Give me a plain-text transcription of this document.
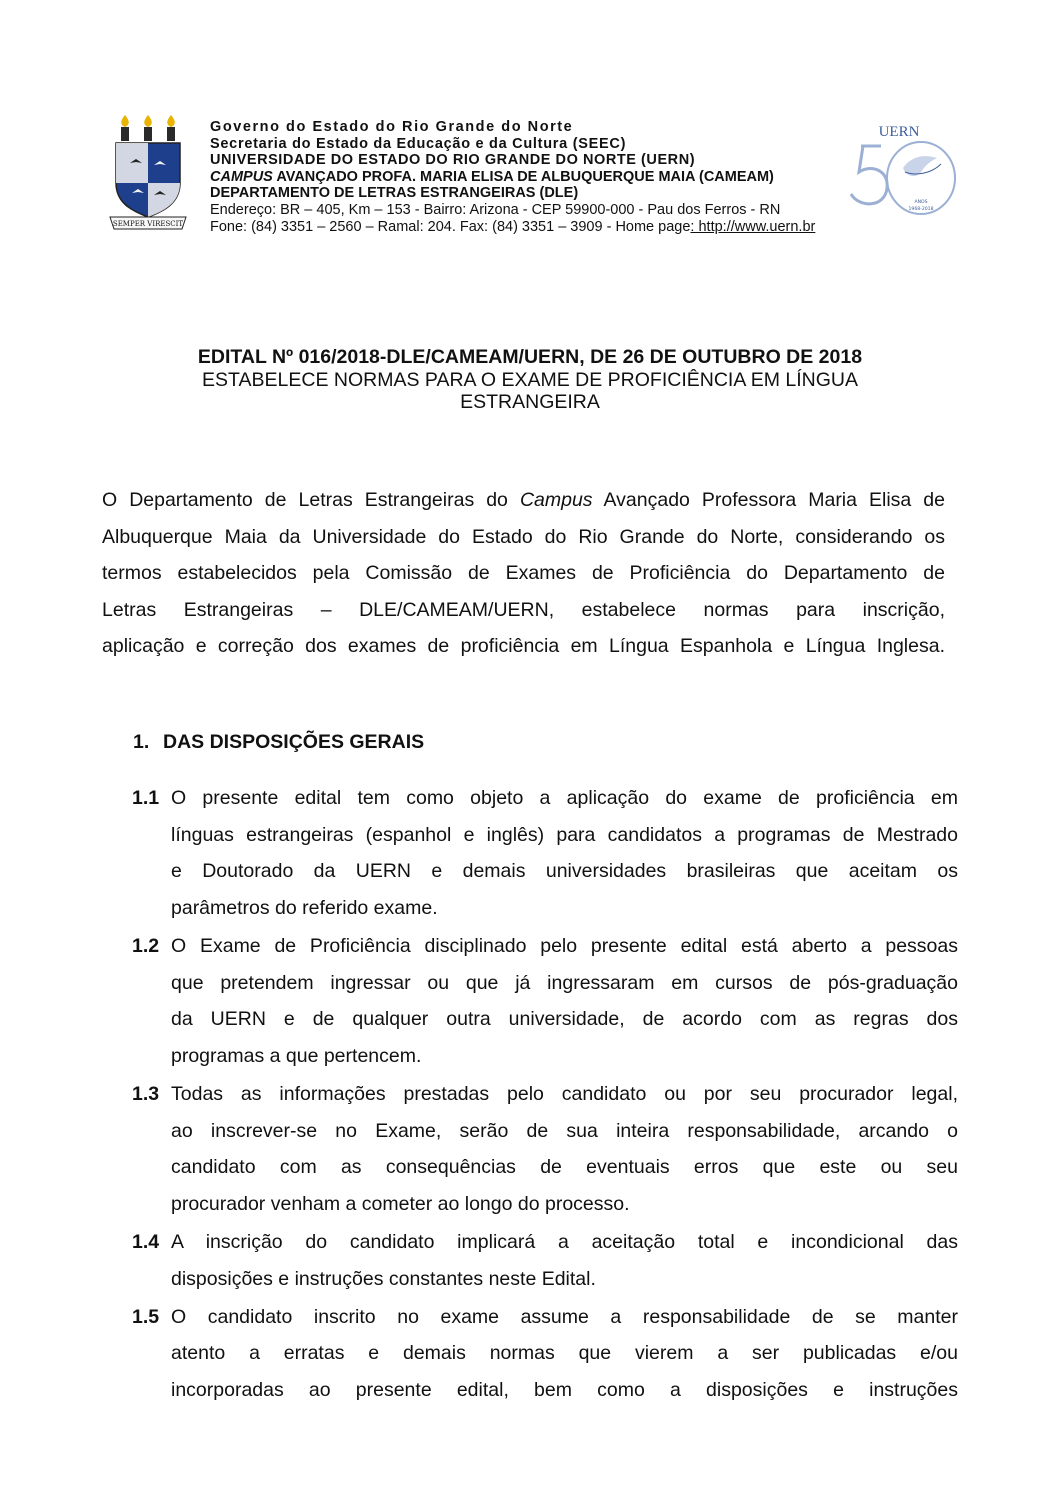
SEMPER VIRESCIT
Governo do Estado do Rio Grande do Norte
Secretaria do Estado da Educação e da Cultura (SEEC)
UNIVERSIDADE DO ESTADO DO RIO GRANDE DO NORTE (UERN)
CAMPUS AVANÇADO PROFA. MARIA ELISA DE ALBUQUERQUE MAIA (CAMEAM)
DEPARTAMENTO DE LETRAS ESTRANGEIRAS (DLE)
Endereço: BR – 405, Km – 153 - Bairro: Arizona - CEP 59900-000 - Pau dos Ferros - RN
Fone: (84) 3351 – 2560 – Ramal: 204. Fax: (84) 3351 – 3909 - Home page: http://www.uern.br
UERN
ANOS
1968-2018
EDITAL Nº 016/2018-DLE/CAMEAM/UERN, DE 26 DE OUTUBRO DE 2018
ESTABELECE NORMAS PARA O EXAME DE PROFICIÊNCIA EM LÍNGUA
ESTRANGEIRA
O Departamento de Letras Estrangeiras do Campus Avançado Professora Maria Elisa de
Albuquerque Maia da Universidade do Estado do Rio Grande do Norte, considerando os
termos estabelecidos pela Comissão de Exames de Proficiência do Departamento de
Letras Estrangeiras – DLE/CAMEAM/UERN, estabelece normas para inscrição,
aplicação e correção dos exames de proficiência em Língua Espanhola e Língua Inglesa.
1. DAS DISPOSIÇÕES GERAIS
1.1 O presente edital tem como objeto a aplicação do exame de proficiência em
línguas estrangeiras (espanhol e inglês) para candidatos a programas de Mestrado
e Doutorado da UERN e demais universidades brasileiras que aceitam os
parâmetros do referido exame.
1.2 O Exame de Proficiência disciplinado pelo presente edital está aberto a pessoas
que pretendem ingressar ou que já ingressaram em cursos de pós-graduação
da UERN e de qualquer outra universidade, de acordo com as regras dos
programas a que pertencem.
1.3 Todas as informações prestadas pelo candidato ou por seu procurador legal,
ao inscrever-se no Exame, serão de sua inteira responsabilidade, arcando o
candidato com as consequências de eventuais erros que este ou seu
procurador venham a cometer ao longo do processo.
1.4 A inscrição do candidato implicará a aceitação total e incondicional das
disposições e instruções constantes neste Edital.
1.5 O candidato inscrito no exame assume a responsabilidade de se manter
atento a erratas e demais normas que vierem a ser publicadas e/ou
incorporadas ao presente edital, bem como a disposições e instruções
